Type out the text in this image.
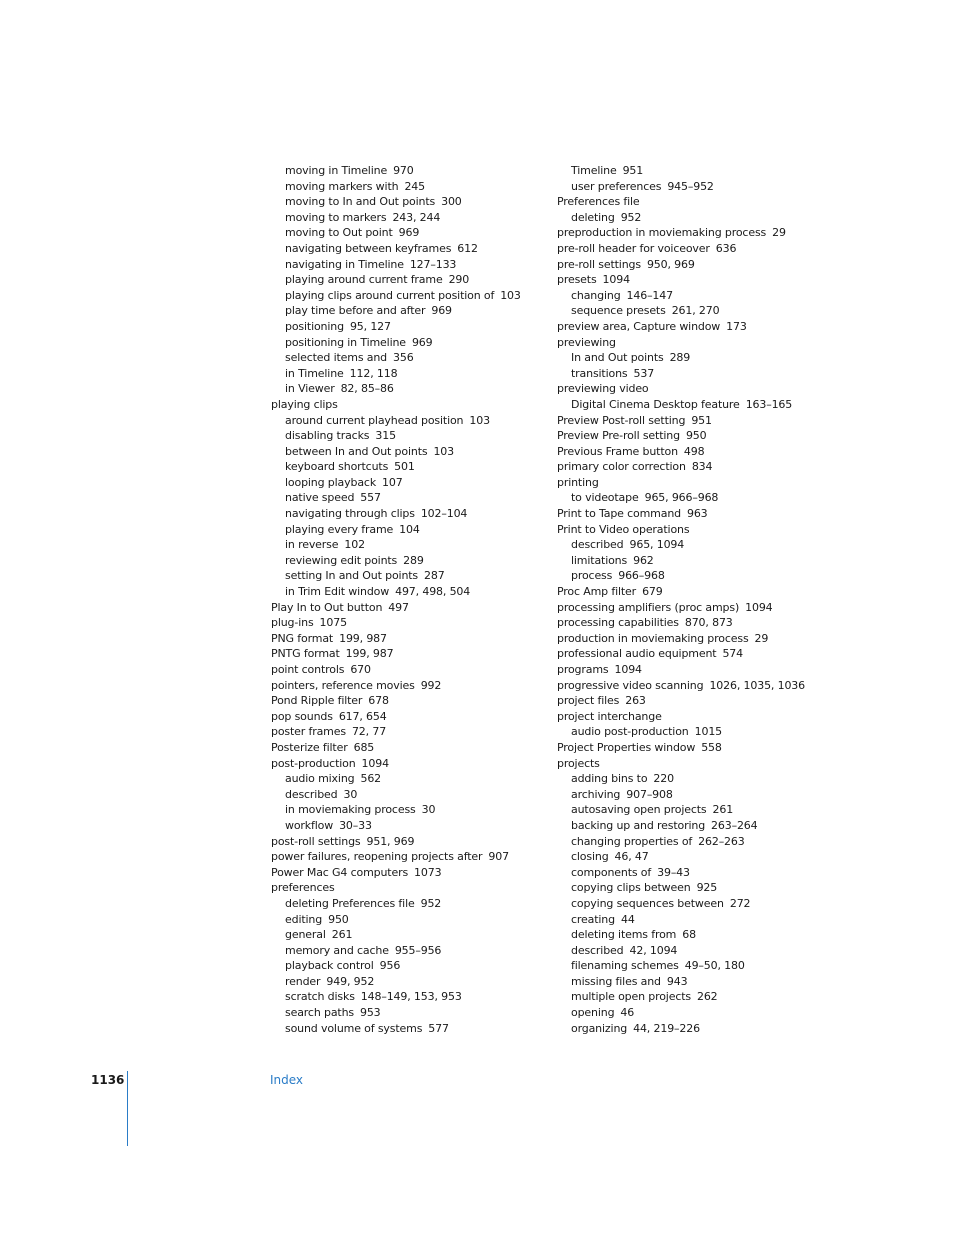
moving in Timeline 970
moving markers with 245
moving to In and Out points 300
moving to markers 243, 244
moving to Out point 969
navigating between keyframes 612
navigating in Timeline 127–133
playing around current frame 290
playing clips around current position of 103
play time before and after 969
positioning 95, 127
positioning in Timeline 969
selected items and 356
in Timeline 112, 118
in Viewer 82, 85–86
playing clips
around current playhead position 103
disabling tracks 315
between In and Out points 103
keyboard shortcuts 501
looping playback 107
native speed 557
navigating through clips 102–104
playing every frame 104
in reverse 102
reviewing edit points 289
setting In and Out points 287
in Trim Edit window 497, 498, 504
Play In to Out button 497
plug-ins 1075
PNG format 199, 987
PNTG format 199, 987
point controls 670
pointers, reference movies 992
Pond Ripple filter 678
pop sounds 617, 654
poster frames 72, 77
Posterize filter 685
post-production 1094
audio mixing 562
described 30
in moviemaking process 30
workflow 30–33
post-roll settings 951, 969
power failures, reopening projects after 907
Power Mac G4 computers 1073
preferences
deleting Preferences file 952
editing 950
general 261
memory and cache 955–956
playback control 956
render 949, 952
scratch disks 148–149, 153, 953
search paths 953
sound volume of systems 577
Timeline 951
user preferences 945–952
Preferences file
deleting 952
preproduction in moviemaking process 29
pre-roll header for voiceover 636
pre-roll settings 950, 969
presets 1094
changing 146–147
sequence presets 261, 270
preview area, Capture window 173
previewing
In and Out points 289
transitions 537
previewing video
Digital Cinema Desktop feature 163–165
Preview Post-roll setting 951
Preview Pre-roll setting 950
Previous Frame button 498
primary color correction 834
printing
to videotape 965, 966–968
Print to Tape command 963
Print to Video operations
described 965, 1094
limitations 962
process 966–968
Proc Amp filter 679
processing amplifiers (proc amps) 1094
processing capabilities 870, 873
production in moviemaking process 29
professional audio equipment 574
programs 1094
progressive video scanning 1026, 1035, 1036
project files 263
project interchange
audio post-production 1015
Project Properties window 558
projects
adding bins to 220
archiving 907–908
autosaving open projects 261
backing up and restoring 263–264
changing properties of 262–263
closing 46, 47
components of 39–43
copying clips between 925
copying sequences between 272
creating 44
deleting items from 68
described 42, 1094
filenaming schemes 49–50, 180
missing files and 943
multiple open projects 262
opening 46
organizing 44, 219–226
1136	Index
